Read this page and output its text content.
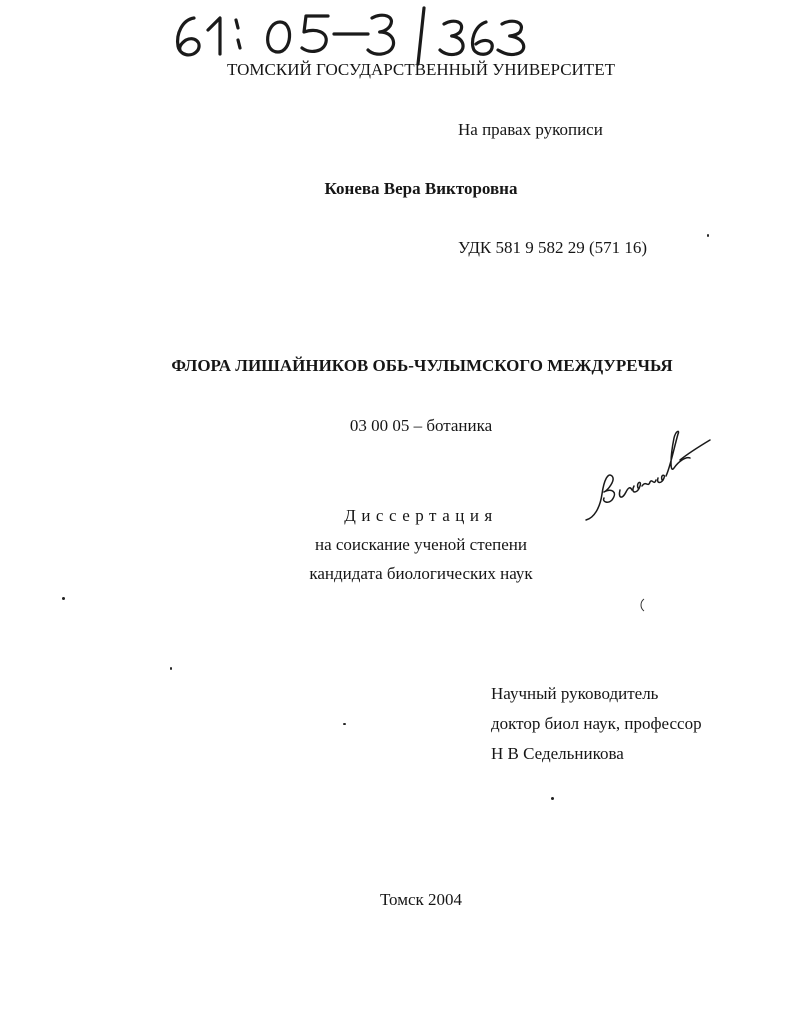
ТОМСКИЙ ГОСУДАРСТВЕННЫЙ УНИВЕРСИТЕТ
На правах рукописи
Конева Вера Викторовна
УДК 581 9 582 29 (571 16)
ФЛОРА ЛИШАЙНИКОВ ОБЬ-ЧУЛЫМСКОГО МЕЖДУРЕЧЬЯ
03 00 05 – ботаника
Диссертация
на соискание ученой степени
кандидата биологических наук
Научный руководитель
доктор биол наук, профессор
Н В Седельникова
Томск 2004
